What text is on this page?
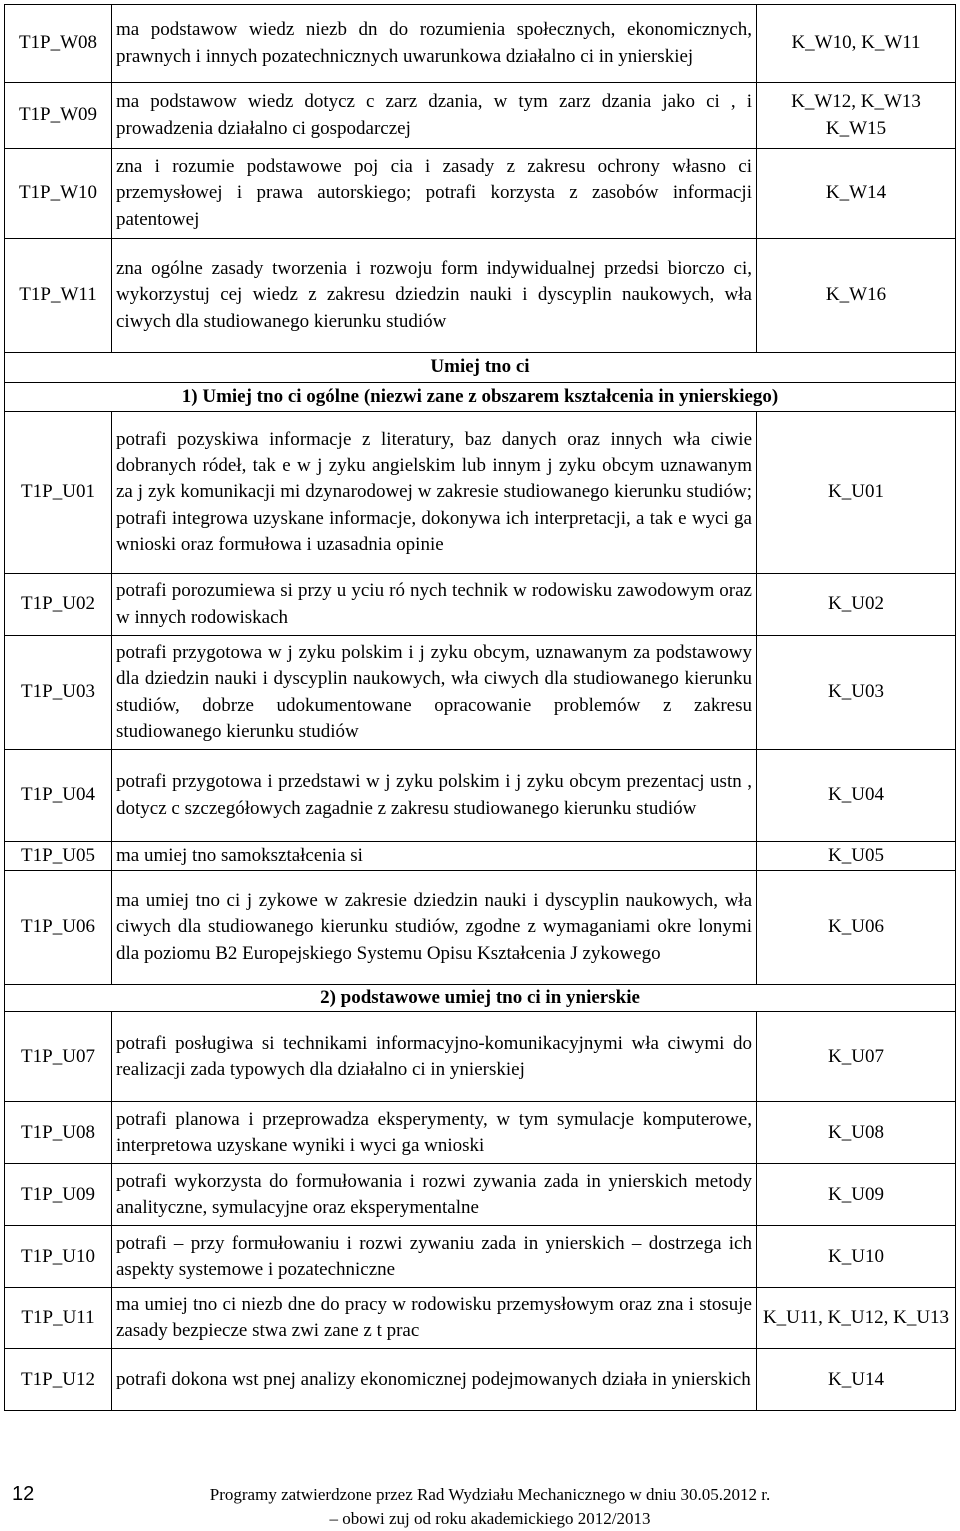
T1P_W08	ma podstawow wiedz niezb dn do rozumienia społecznych, ekonomicznych, prawnych i innych pozatechnicznych uwarunkowa działalno ci in ynierskiej	K_W10, K_W11
T1P_W09	ma podstawow wiedz dotycz c zarz dzania, w tym zarz dzania jako ci , i prowadzenia działalno ci gospodarczej	K_W12, K_W13 K_W15
T1P_W10	zna i rozumie podstawowe poj cia i zasady z zakresu ochrony własno ci przemysłowej i prawa autorskiego; potrafi korzysta z zasobów informacji patentowej	K_W14
T1P_W11	zna ogólne zasady tworzenia i rozwoju form indywidualnej przedsi biorczo ci, wykorzystuj cej wiedz z zakresu dziedzin nauki i dyscyplin naukowych, wła ciwych dla studiowanego kierunku studiów	K_W16
Umiej tno ci		
1) Umiej tno ci ogólne (niezwi zane z obszarem kształcenia in ynierskiego)		
T1P_U01	potrafi pozyskiwa informacje z literatury, baz danych oraz innych wła ciwie dobranych ródeł, tak e w j zyku angielskim lub innym j zyku obcym uznawanym za j zyk komunikacji mi dzynarodowej w zakresie studiowanego kierunku studiów; potrafi integrowa uzyskane informacje, dokonywa ich interpretacji, a tak e wyci ga wnioski oraz formułowa i uzasadnia opinie	K_U01
T1P_U02	potrafi porozumiewa si przy u yciu ró nych technik w rodowisku zawodowym oraz w innych rodowiskach	K_U02
T1P_U03	potrafi przygotowa w j zyku polskim i j zyku obcym, uznawanym za podstawowy dla dziedzin nauki i dyscyplin naukowych, wła ciwych dla studiowanego kierunku studiów, dobrze udokumentowane opracowanie problemów z zakresu studiowanego kierunku studiów	K_U03
T1P_U04	potrafi przygotowa i przedstawi w j zyku polskim i j zyku obcym prezentacj ustn , dotycz c szczegółowych zagadnie z zakresu studiowanego kierunku studiów	K_U04
T1P_U05	ma umiej tno samokształcenia si	K_U05
T1P_U06	ma umiej tno ci j zykowe w zakresie dziedzin nauki i dyscyplin naukowych, wła ciwych dla studiowanego kierunku studiów, zgodne z wymaganiami okre lonymi dla poziomu B2 Europejskiego Systemu Opisu Kształcenia J zykowego	K_U06
2) podstawowe umiej tno ci in ynierskie		
T1P_U07	potrafi posługiwa si technikami informacyjno-komunikacyjnymi wła ciwymi do realizacji zada typowych dla działalno ci in ynierskiej	K_U07
T1P_U08	potrafi planowa i przeprowadza eksperymenty, w tym symulacje komputerowe, interpretowa uzyskane wyniki i wyci ga wnioski	K_U08
T1P_U09	potrafi wykorzysta do formułowania i rozwi zywania zada in ynierskich metody analityczne, symulacyjne oraz eksperymentalne	K_U09
T1P_U10	potrafi – przy formułowaniu i rozwi zywaniu zada in ynierskich – dostrzega ich aspekty systemowe i pozatechniczne	K_U10
T1P_U11	ma umiej tno ci niezb dne do pracy w rodowisku przemysłowym oraz zna i stosuje zasady bezpiecze stwa zwi zane z t prac	K_U11, K_U12, K_U13
T1P_U12	potrafi dokona wst pnej analizy ekonomicznej podejmowanych działa in ynierskich	K_U14
12	Programy zatwierdzone przez Rad Wydziału Mechanicznego w dniu 30.05.2012 r.
– obowi zuj od roku akademickiego 2012/2013
